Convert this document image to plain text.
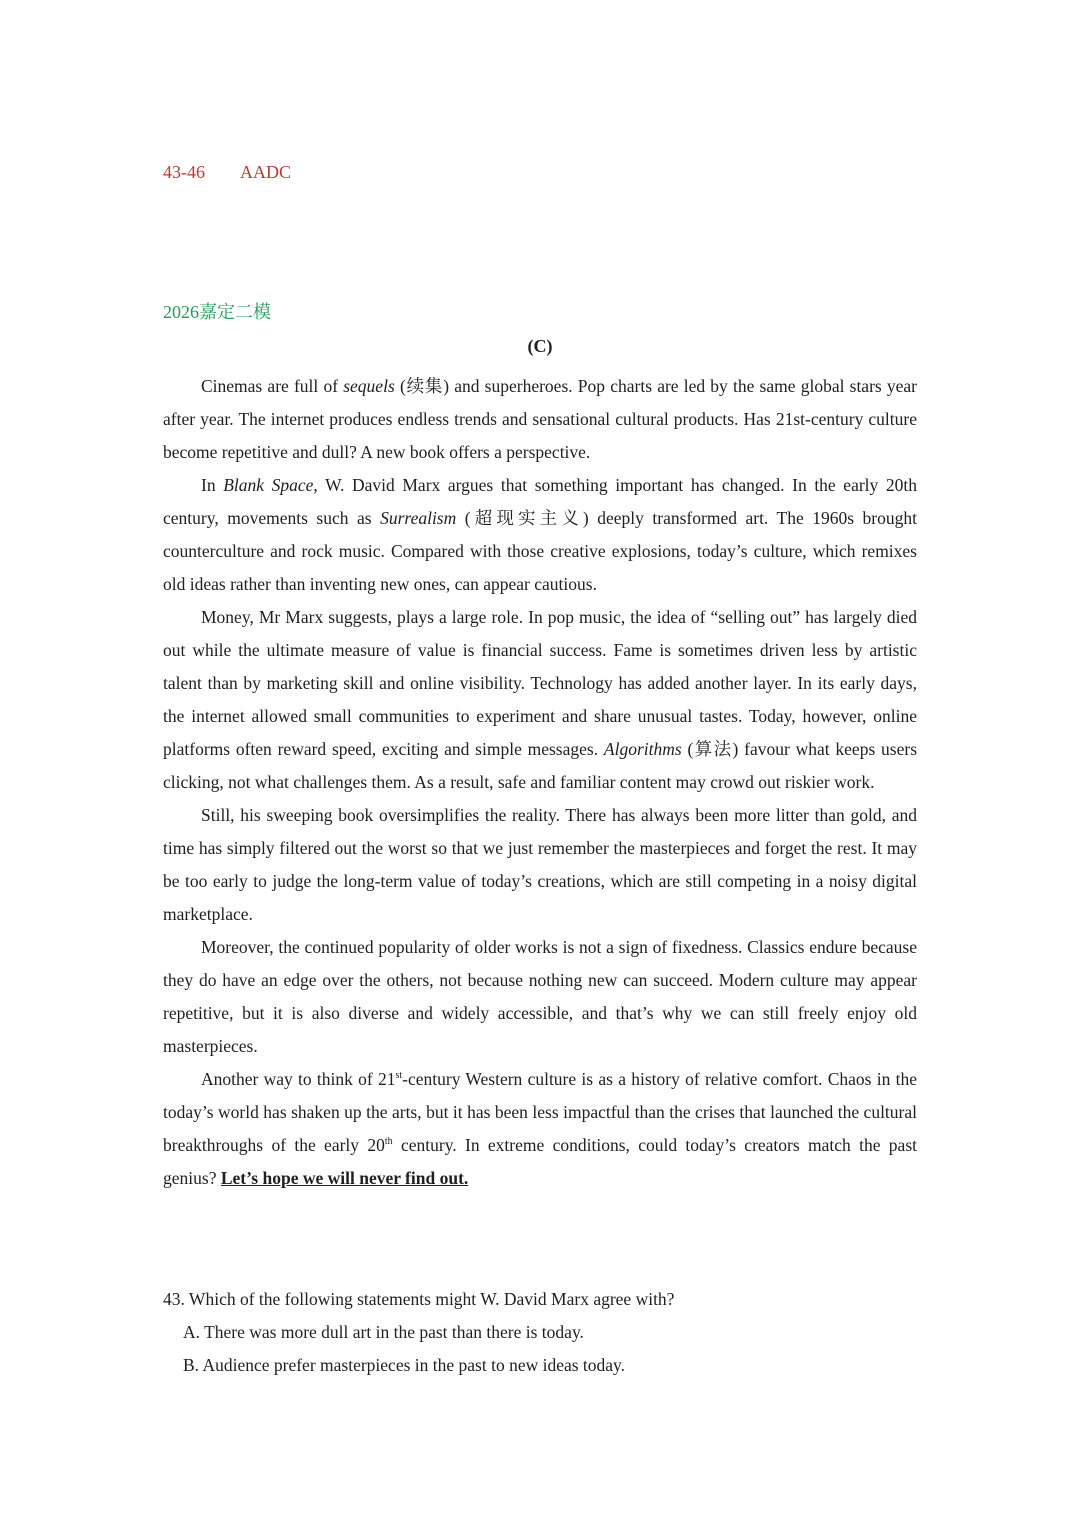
43-46 AADC
2026嘉定二模
(C)

Cinemas are full of sequels (续集) and superheroes. Pop charts are led by the same global stars year after year. The internet produces endless trends and sensational cultural products. Has 21st-century culture become repetitive and dull? A new book offers a perspective.

In Blank Space, W. David Marx argues that something important has changed. In the early 20th century, movements such as Surrealism (超现实主义) deeply transformed art. The 1960s brought counterculture and rock music. Compared with those creative explosions, today’s culture, which remixes old ideas rather than inventing new ones, can appear cautious.

Money, Mr Marx suggests, plays a large role. In pop music, the idea of “selling out” has largely died out while the ultimate measure of value is financial success. Fame is sometimes driven less by artistic talent than by marketing skill and online visibility. Technology has added another layer. In its early days, the internet allowed small communities to experiment and share unusual tastes. Today, however, online platforms often reward speed, exciting and simple messages. Algorithms (算法) favour what keeps users clicking, not what challenges them. As a result, safe and familiar content may crowd out riskier work.

Still, his sweeping book oversimplifies the reality. There has always been more litter than gold, and time has simply filtered out the worst so that we just remember the masterpieces and forget the rest. It may be too early to judge the long-term value of today’s creations, which are still competing in a noisy digital marketplace.

Moreover, the continued popularity of older works is not a sign of fixedness. Classics endure because they do have an edge over the others, not because nothing new can succeed. Modern culture may appear repetitive, but it is also diverse and widely accessible, and that’s why we can still freely enjoy old masterpieces.

Another way to think of 21st-century Western culture is as a history of relative comfort. Chaos in the today’s world has shaken up the arts, but it has been less impactful than the crises that launched the cultural breakthroughs of the early 20th century. In extreme conditions, could today’s creators match the past genius? Let’s hope we will never find out.

43. Which of the following statements might W. David Marx agree with?

A. There was more dull art in the past than there is today.

B. Audience prefer masterpieces in the past to new ideas today.
